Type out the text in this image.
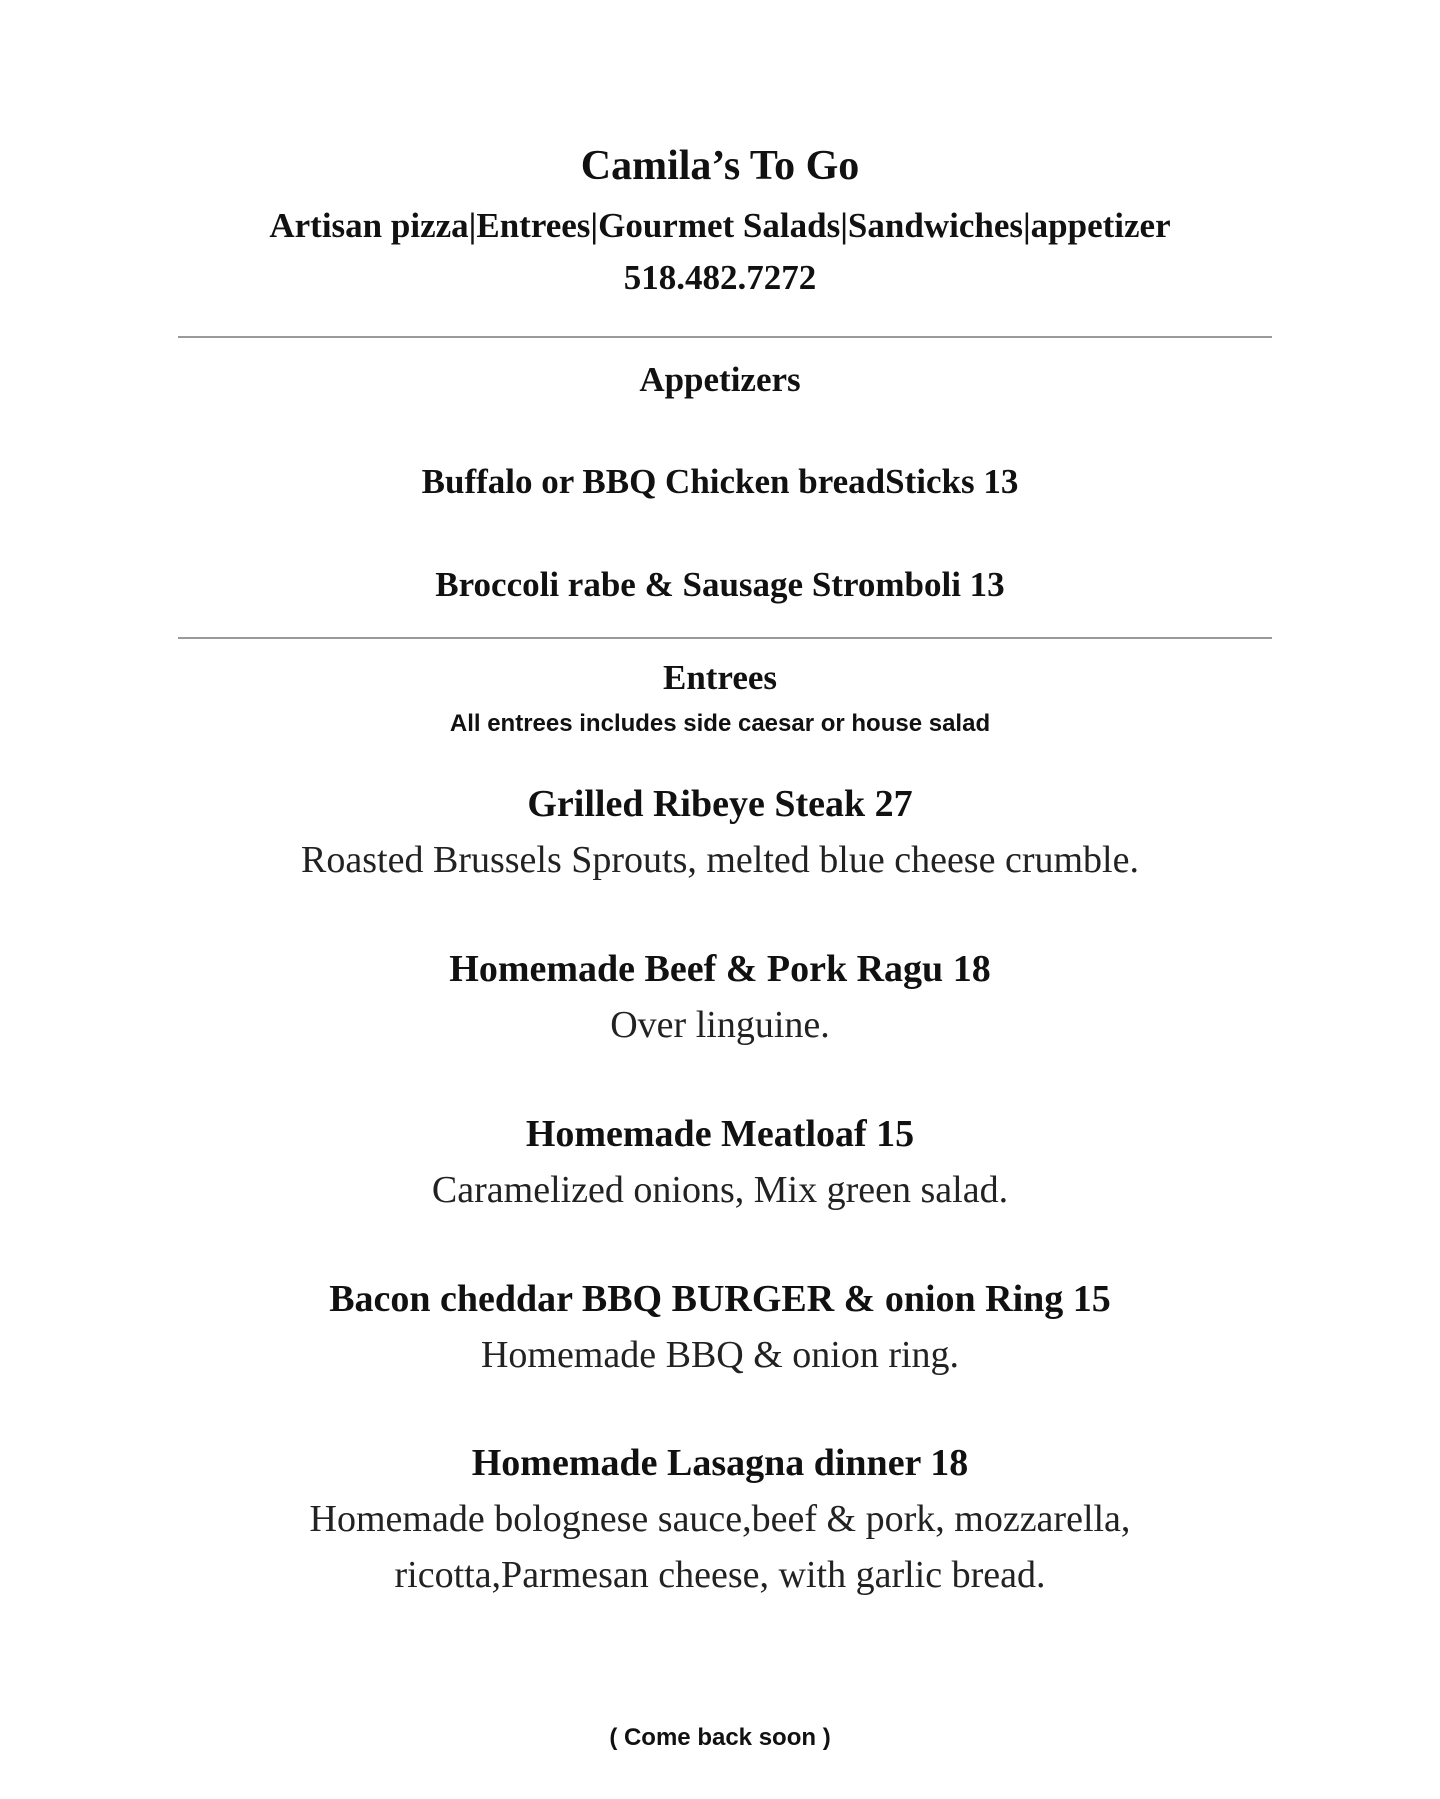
Camila’s To Go
Artisan pizza|Entrees|Gourmet Salads|Sandwiches|appetizer
518.482.7272
Appetizers
Buffalo or BBQ Chicken breadSticks 13
Broccoli rabe & Sausage Stromboli 13
Entrees
All entrees includes side caesar or house salad
Grilled Ribeye Steak 27
Roasted Brussels Sprouts, melted blue cheese crumble.
Homemade Beef & Pork Ragu 18
Over linguine.
Homemade Meatloaf 15
Caramelized onions, Mix green salad.
Bacon cheddar BBQ BURGER & onion Ring 15
Homemade BBQ & onion ring.
Homemade Lasagna dinner 18
Homemade bolognese sauce,beef & pork, mozzarella,
ricotta,Parmesan cheese, with garlic bread.
( Come back soon )
